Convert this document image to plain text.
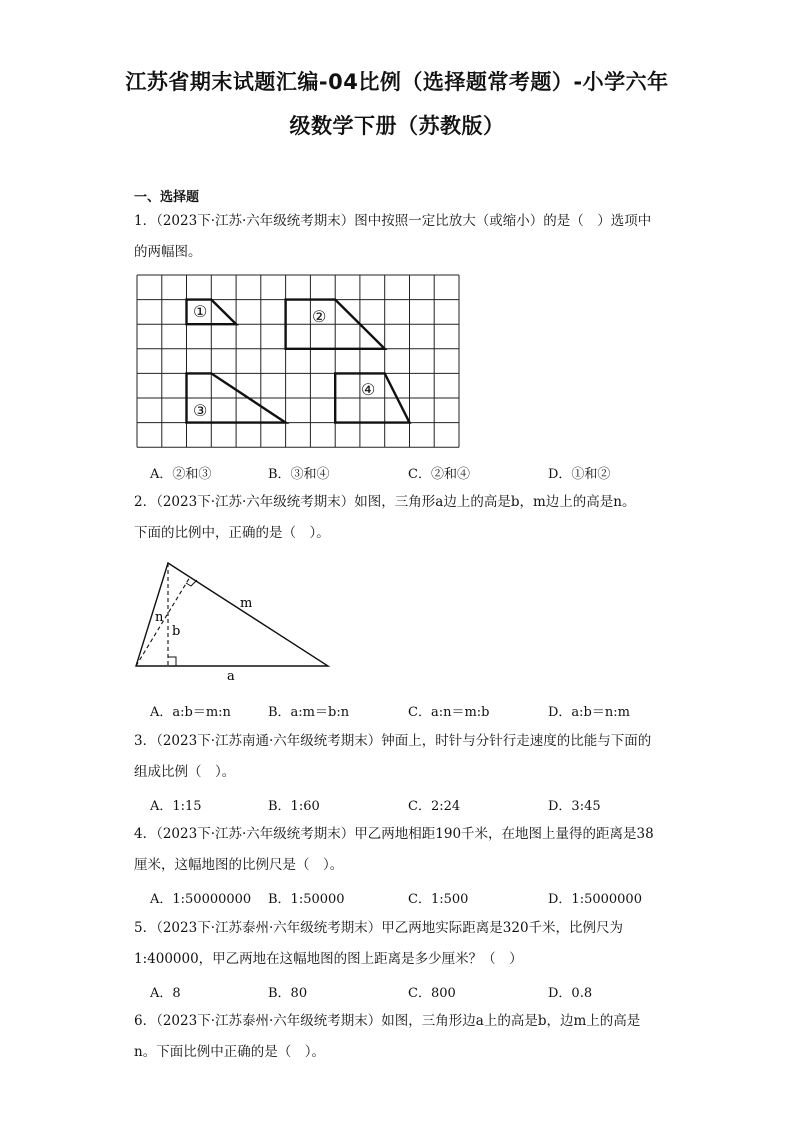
江苏省期末试题汇编-04比例（选择题常考题）-小学六年
级数学下册（苏教版）
一、选择题
1．（2023下·江苏·六年级统考期末）图中按照一定比放大（或缩小）的是（　）选项中
的两幅图。
①	②
③
④
A．②和③	B．③和④	C．②和④	D．①和②
2．（2023下·江苏·六年级统考期末）如图，三角形a边上的高是b，m边上的高是n。
下面的比例中，正确的是（　）。
m
n
b
a
A．a:b＝m:n	B．a:m＝b:n	C．a:n＝m:b	D．a:b＝n:m
3．（2023下·江苏南通·六年级统考期末）钟面上，时针与分针行走速度的比能与下面的
组成比例（　）。
A．1:15	B．1:60	C．2:24	D．3:45
4．（2023下·江苏·六年级统考期末）甲乙两地相距190千米，在地图上量得的距离是38
厘米，这幅地图的比例尺是（　）。
A．1:50000000 B．1:50000	C．1:500	D．1:5000000
5．（2023下·江苏泰州·六年级统考期末）甲乙两地实际距离是320千米，比例尺为
1:400000，甲乙两地在这幅地图的图上距离是多少厘米？（　）
A．8	B．80	C．800	D．0.8
6．（2023下·江苏泰州·六年级统考期末）如图，三角形边a上的高是b，边m上的高是
n。下面比例中正确的是（　）。
